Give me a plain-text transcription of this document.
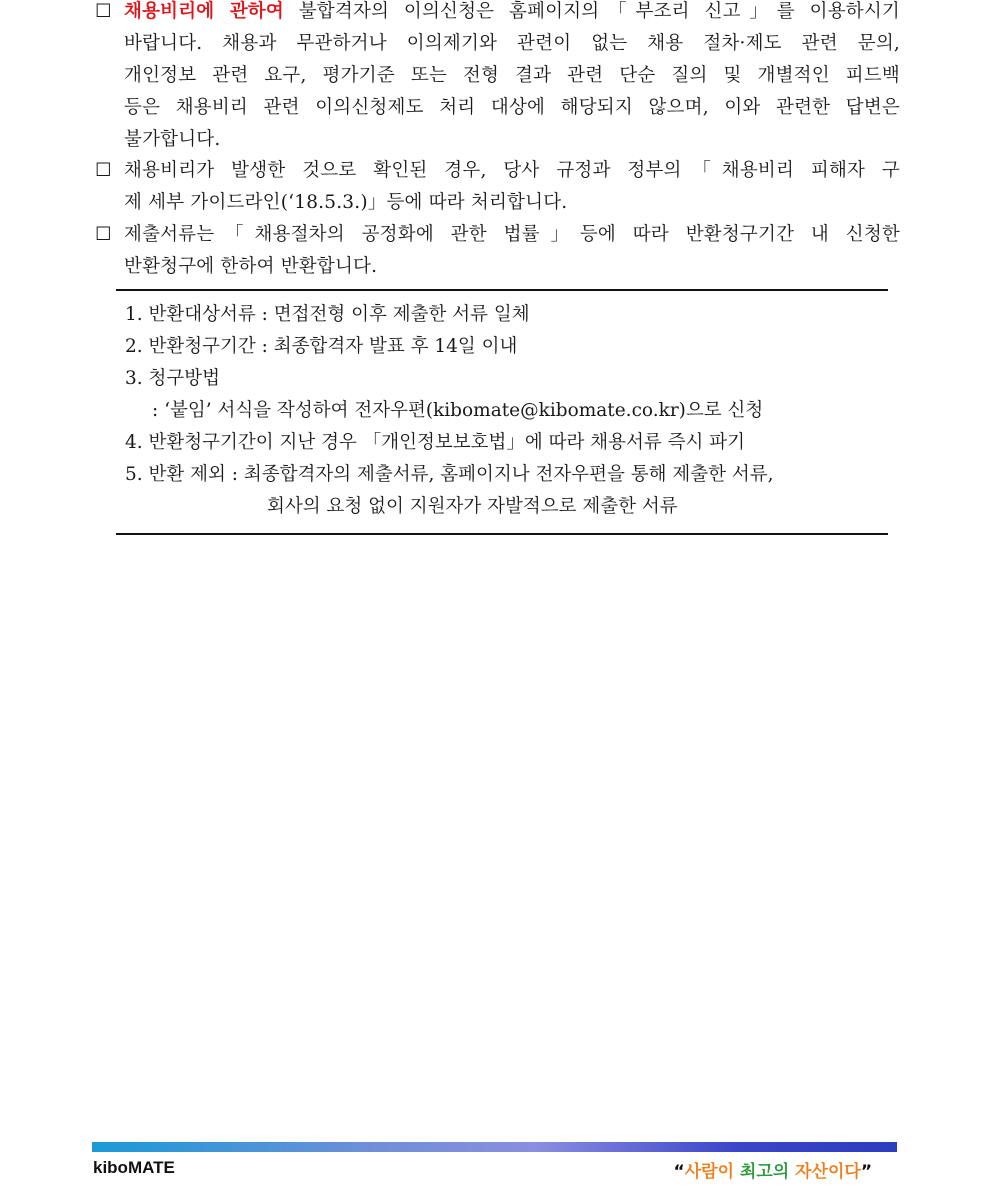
☐ 채용비리에 관하여 불합격자의 이의신청은 홈페이지의「부조리 신고」를 이용하시기
바랍니다. 채용과 무관하거나 이의제기와 관련이 없는 채용 절차·제도 관련 문의,
개인정보 관련 요구, 평가기준 또는 전형 결과 관련 단순 질의 및 개별적인 피드백
등은 채용비리 관련 이의신청제도 처리 대상에 해당되지 않으며, 이와 관련한 답변은
불가합니다.
☐ 채용비리가 발생한 것으로 확인된 경우, 당사 규정과 정부의「채용비리 피해자 구
제 세부 가이드라인(‘18.5.3.)」등에 따라 처리합니다.
☐ 제출서류는「채용절차의 공정화에 관한 법률」등에 따라 반환청구기간 내 신청한
반환청구에 한하여 반환합니다.
1. 반환대상서류 : 면접전형 이후 제출한 서류 일체
2. 반환청구기간 : 최종합격자 발표 후 14일 이내
3. 청구방법
: ‘붙임’ 서식을 작성하여 전자우편(kibomate@kibomate.co.kr)으로 신청
4. 반환청구기간이 지난 경우 「개인정보보호법」에 따라 채용서류 즉시 파기
5. 반환 제외 : 최종합격자의 제출서류, 홈페이지나 전자우편을 통해 제출한 서류,
회사의 요청 없이 지원자가 자발적으로 제출한 서류
kiboMATE	“사람이 최고의 자산이다”
